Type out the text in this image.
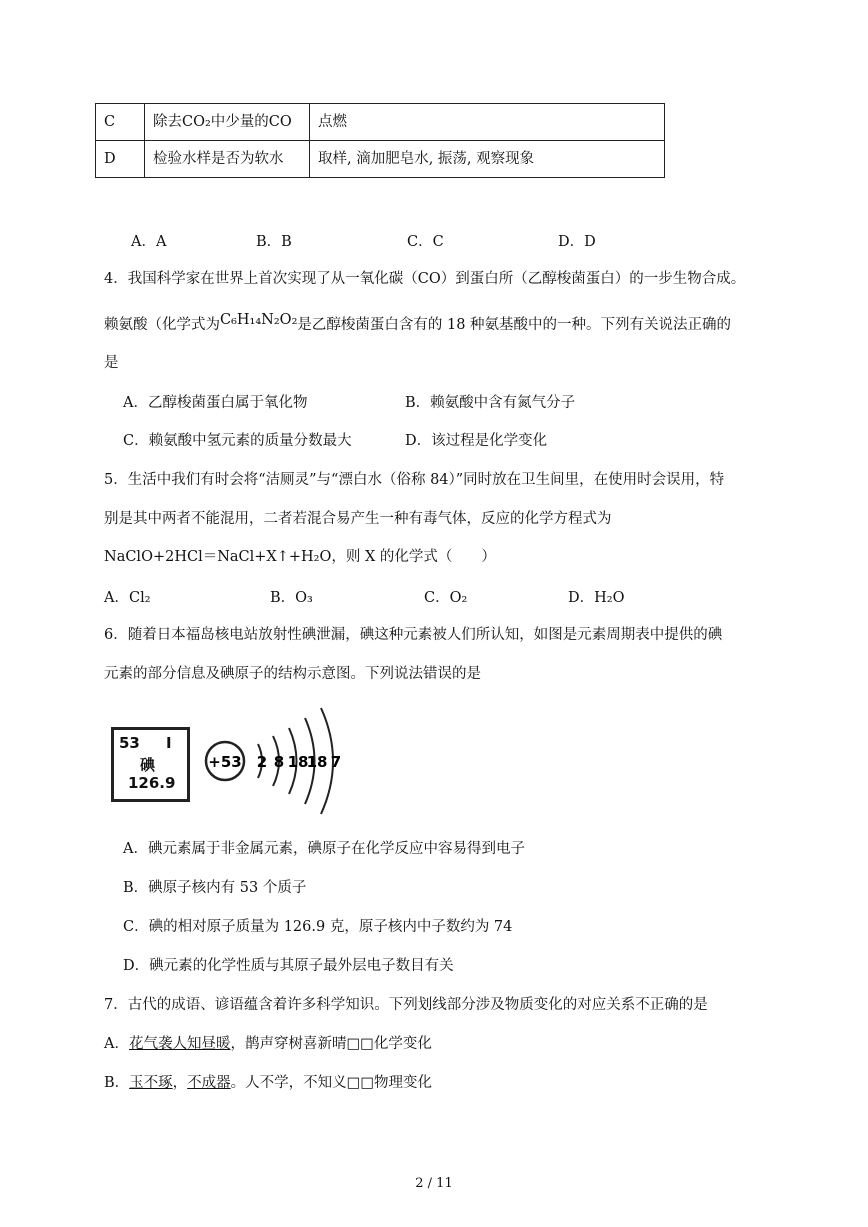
C	除去CO₂中少量的CO	点燃
D	检验水样是否为软水	取样, 滴加肥皂水, 振荡, 观察现象
A．A	B．B	C．C	D．D
4．我国科学家在世界上首次实现了从一氧化碳（CO）到蛋白所（乙醇梭菌蛋白）的一步生物合成。
赖氨酸（化学式为C₆H₁₄N₂O₂是乙醇梭菌蛋白含有的 18 种氨基酸中的一种。下列有关说法正确的
是
A．乙醇梭菌蛋白属于氧化物	B．赖氨酸中含有氮气分子
C．赖氨酸中氢元素的质量分数最大	D．该过程是化学变化
5．生活中我们有时会将“洁厕灵”与“漂白水（俗称 84）”同时放在卫生间里，在使用时会误用，特
别是其中两者不能混用，二者若混合易产生一种有毒气体，反应的化学方程式为
NaClO+2HCl＝NaCl+X↑+H₂O，则 X 的化学式（　　）
A．Cl₂	B．O₃	C．O₂	D．H₂O
6．随着日本福岛核电站放射性碘泄漏，碘这种元素被人们所认知，如图是元素周期表中提供的碘
元素的部分信息及碘原子的结构示意图。下列说法错误的是
53 I
碘
126.9
+53 2 8 18
18 7
A．碘元素属于非金属元素，碘原子在化学反应中容易得到电子
B．碘原子核内有 53 个质子
C．碘的相对原子质量为 126.9 克，原子核内中子数约为 74
D．碘元素的化学性质与其原子最外层电子数目有关
7．古代的成语、谚语蕴含着许多科学知识。下列划线部分涉及物质变化的对应关系不正确的是
A．花气袭人知昼暖，鹊声穿树喜新晴□□化学变化
B．玉不琢，不成器。人不学，不知义□□物理变化
2 / 11
